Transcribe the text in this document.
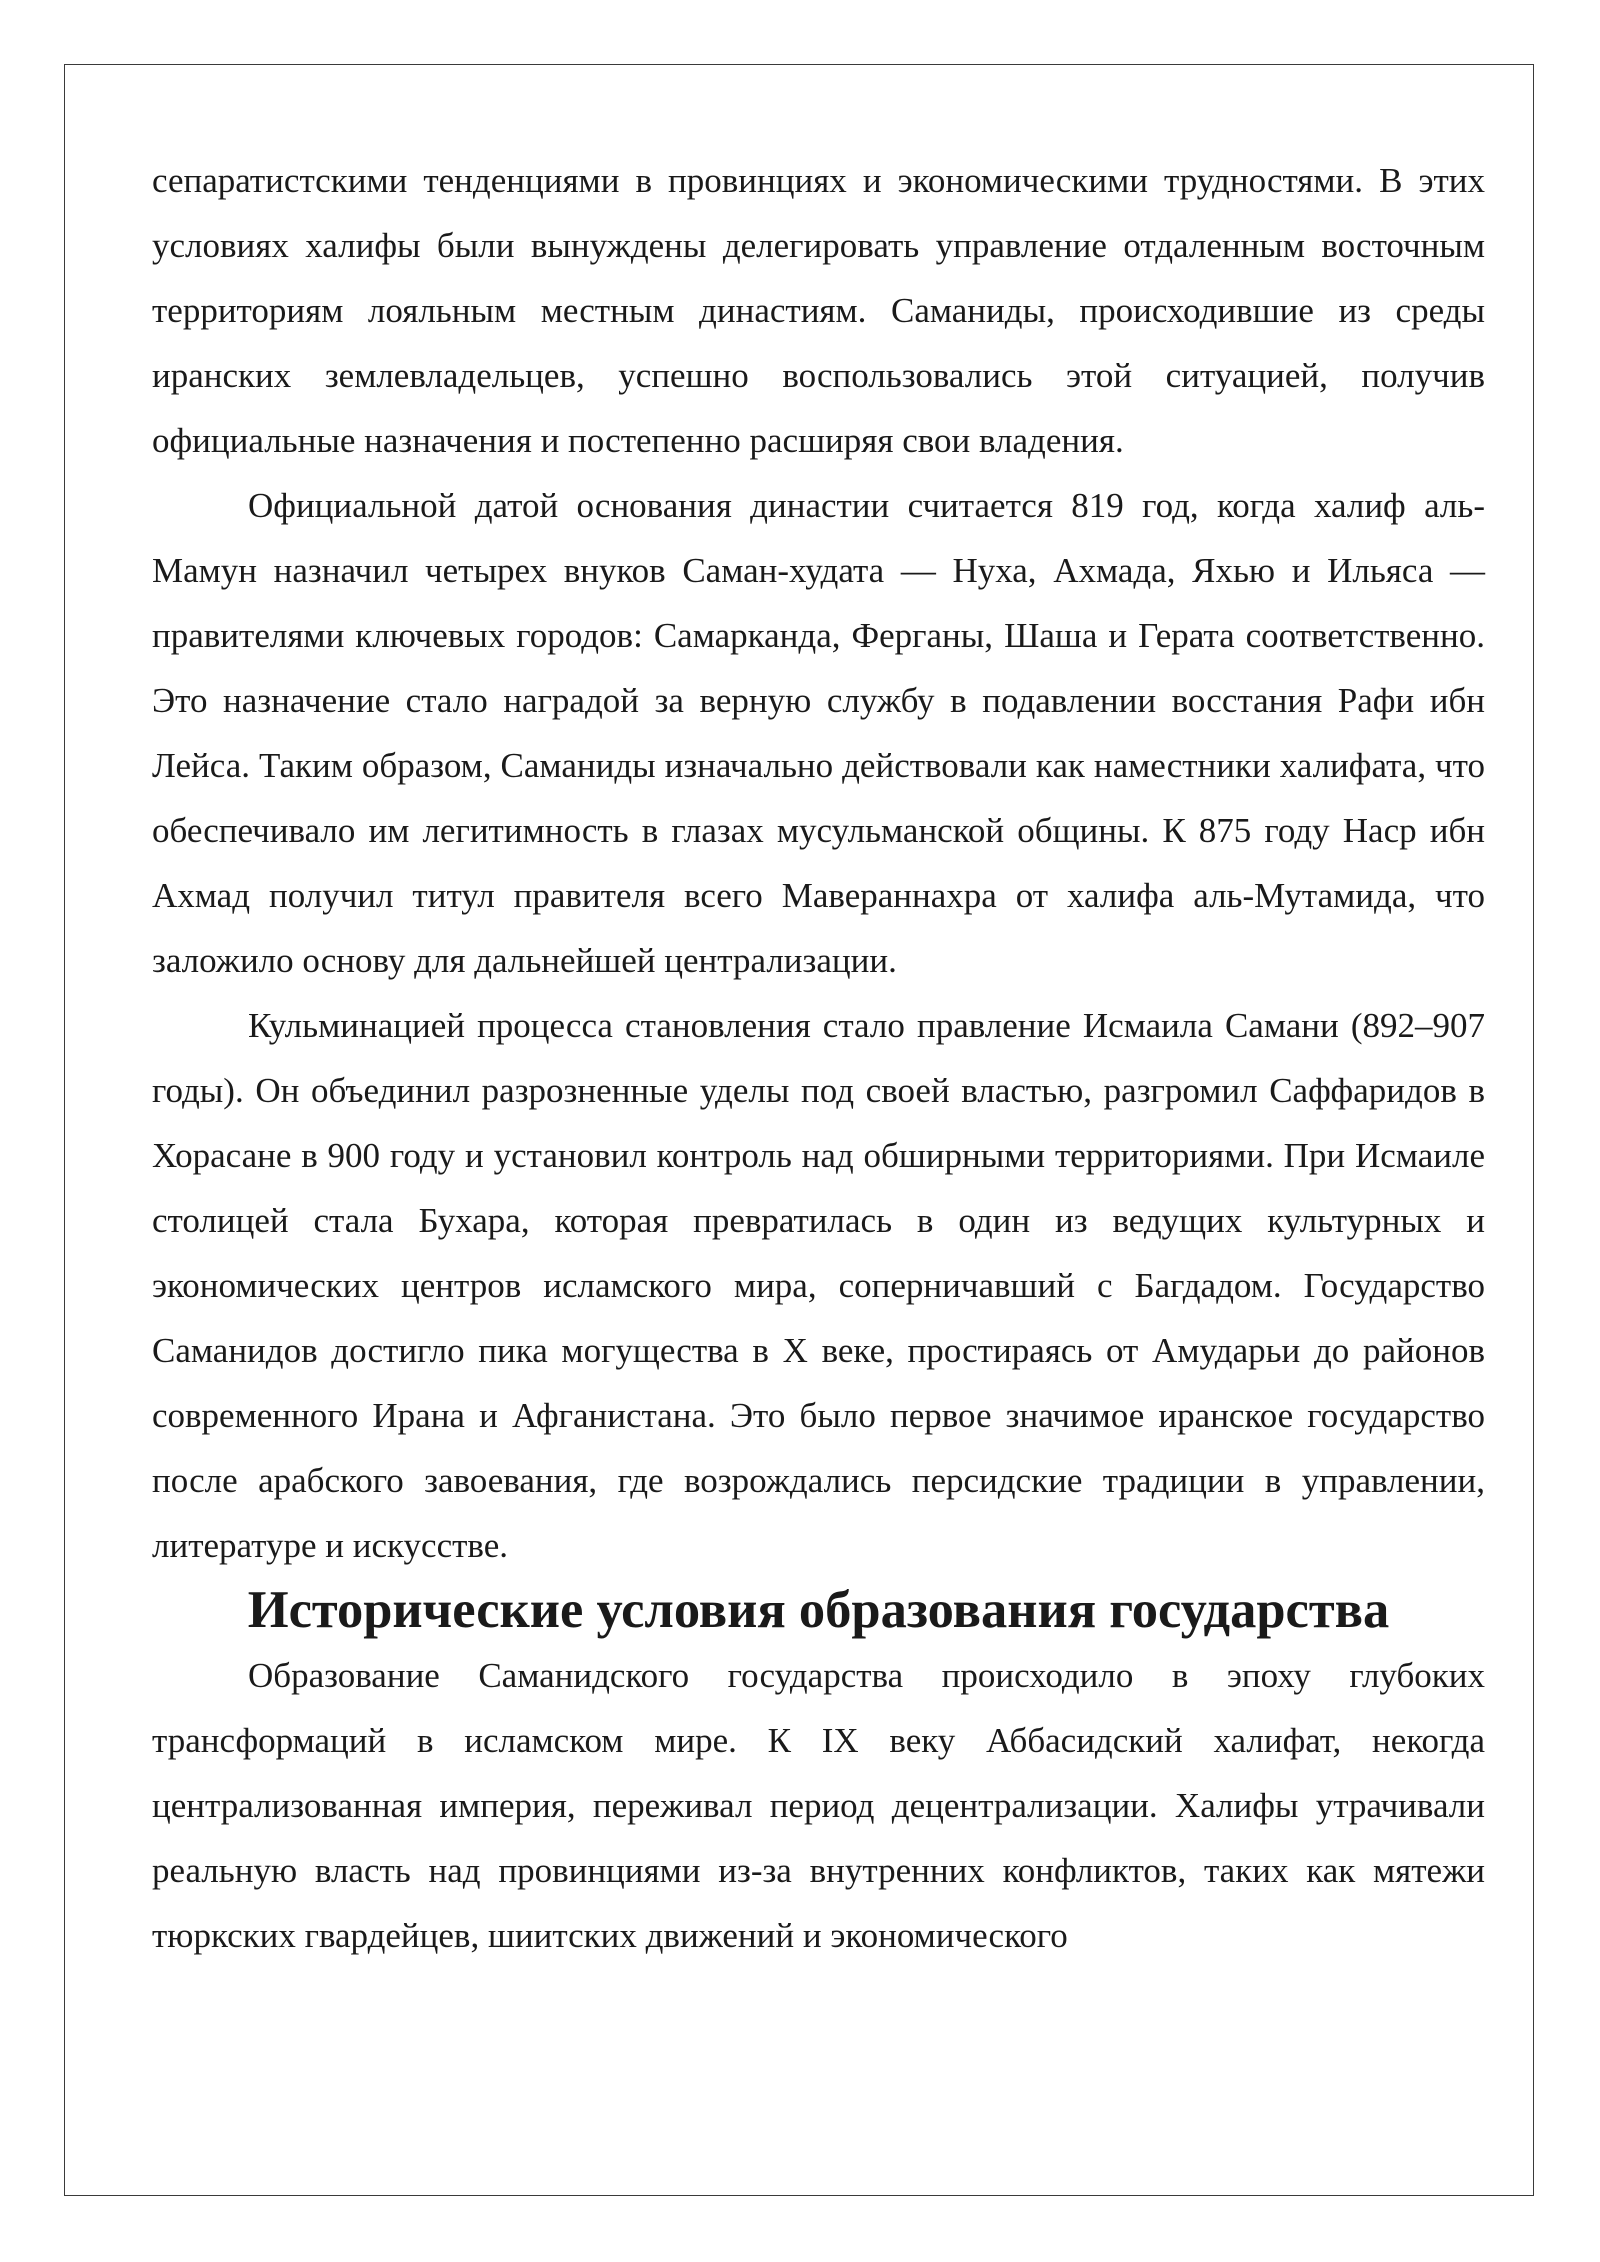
сепаратистскими тенденциями в провинциях и экономическими трудностями. В этих условиях халифы были вынуждены делегировать управление отдаленным восточным территориям лояльным местным династиям. Саманиды, происходившие из среды иранских землевладельцев, успешно воспользовались этой ситуацией, получив официальные назначения и постепенно расширяя свои владения.

Официальной датой основания династии считается 819 год, когда халиф аль-Мамун назначил четырех внуков Саман-худата — Нуха, Ахмада, Яхью и Ильяса — правителями ключевых городов: Самарканда, Ферганы, Шаша и Герата соответственно. Это назначение стало наградой за верную службу в подавлении восстания Рафи ибн Лейса. Таким образом, Саманиды изначально действовали как наместники халифата, что обеспечивало им легитимность в глазах мусульманской общины. К 875 году Наср ибн Ахмад получил титул правителя всего Мавераннахра от халифа аль-Мутамида, что заложило основу для дальнейшей централизации.

Кульминацией процесса становления стало правление Исмаила Самани (892–907 годы). Он объединил разрозненные уделы под своей властью, разгромил Саффаридов в Хорасане в 900 году и установил контроль над обширными территориями. При Исмаиле столицей стала Бухара, которая превратилась в один из ведущих культурных и экономических центров исламского мира, соперничавший с Багдадом. Государство Саманидов достигло пика могущества в X веке, простираясь от Амударьи до районов современного Ирана и Афганистана. Это было первое значимое иранское государство после арабского завоевания, где возрождались персидские традиции в управлении, литературе и искусстве.

Исторические условия образования государства

Образование Саманидского государства происходило в эпоху глубоких трансформаций в исламском мире. К IX веку Аббасидский халифат, некогда централизованная империя, переживал период децентрализации. Халифы утрачивали реальную власть над провинциями из-за внутренних конфликтов, таких как мятежи тюркских гвардейцев, шиитских движений и экономического
